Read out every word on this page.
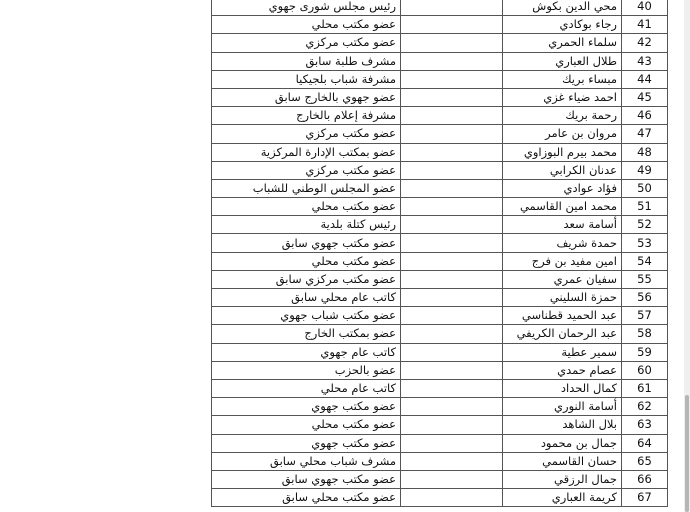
رئيس مجلس شورى جهوي		محي الدين بكوش	40
عضو مكتب محلي		رجاء بوكادي	41
عضو مكتب مركزي		سلماء الحمري	42
مشرف طلبة سابق		طلال العباري	43
مشرفة شباب بلجيكيا		مبساء بريك	44
عضو جهوي بالخارج سابق		احمد ضياء غزي	45
مشرفة إعلام بالخارج		رحمة بريك	46
عضو مكتب مركزي		مروان بن عامر	47
عضو بمكتب الإدارة المركزية		محمد بيرم البوزاوي	48
عضو مكتب مركزي		عدنان الكرابي	49
عضو المجلس الوطني للشباب		فؤاد عوادي	50
عضو مكتب محلي		محمد امين القاسمي	51
رئيس كتلة بلدية		أسامة سعد	52
عضو مكتب جهوي سابق		حمدة شريف	53
عضو مكتب محلي		امين مفيد بن فرج	54
عضو مكتب مركزي سابق		سفيان عمري	55
كاتب عام محلي سابق		حمزة السليني	56
عضو مكتب شباب جهوي		عبد الحميد قطناسي	57
عضو بمكتب الخارج		عبد الرحمان الكريفي	58
كاتب عام جهوي		سمير عطية	59
عضو بالحزب		عصام حمدي	60
كاتب عام محلي		كمال الحداد	61
عضو مكتب جهوي		أسامة النوري	62
عضو مكتب محلي		بلال الشاهد	63
عضو مكتب جهوي		جمال بن محمود	64
مشرف شباب محلي سابق		حسان القاسمي	65
عضو مكتب جهوي سابق		جمال الرزقي	66
عضو مكتب محلي سابق		كريمة العباري	67
